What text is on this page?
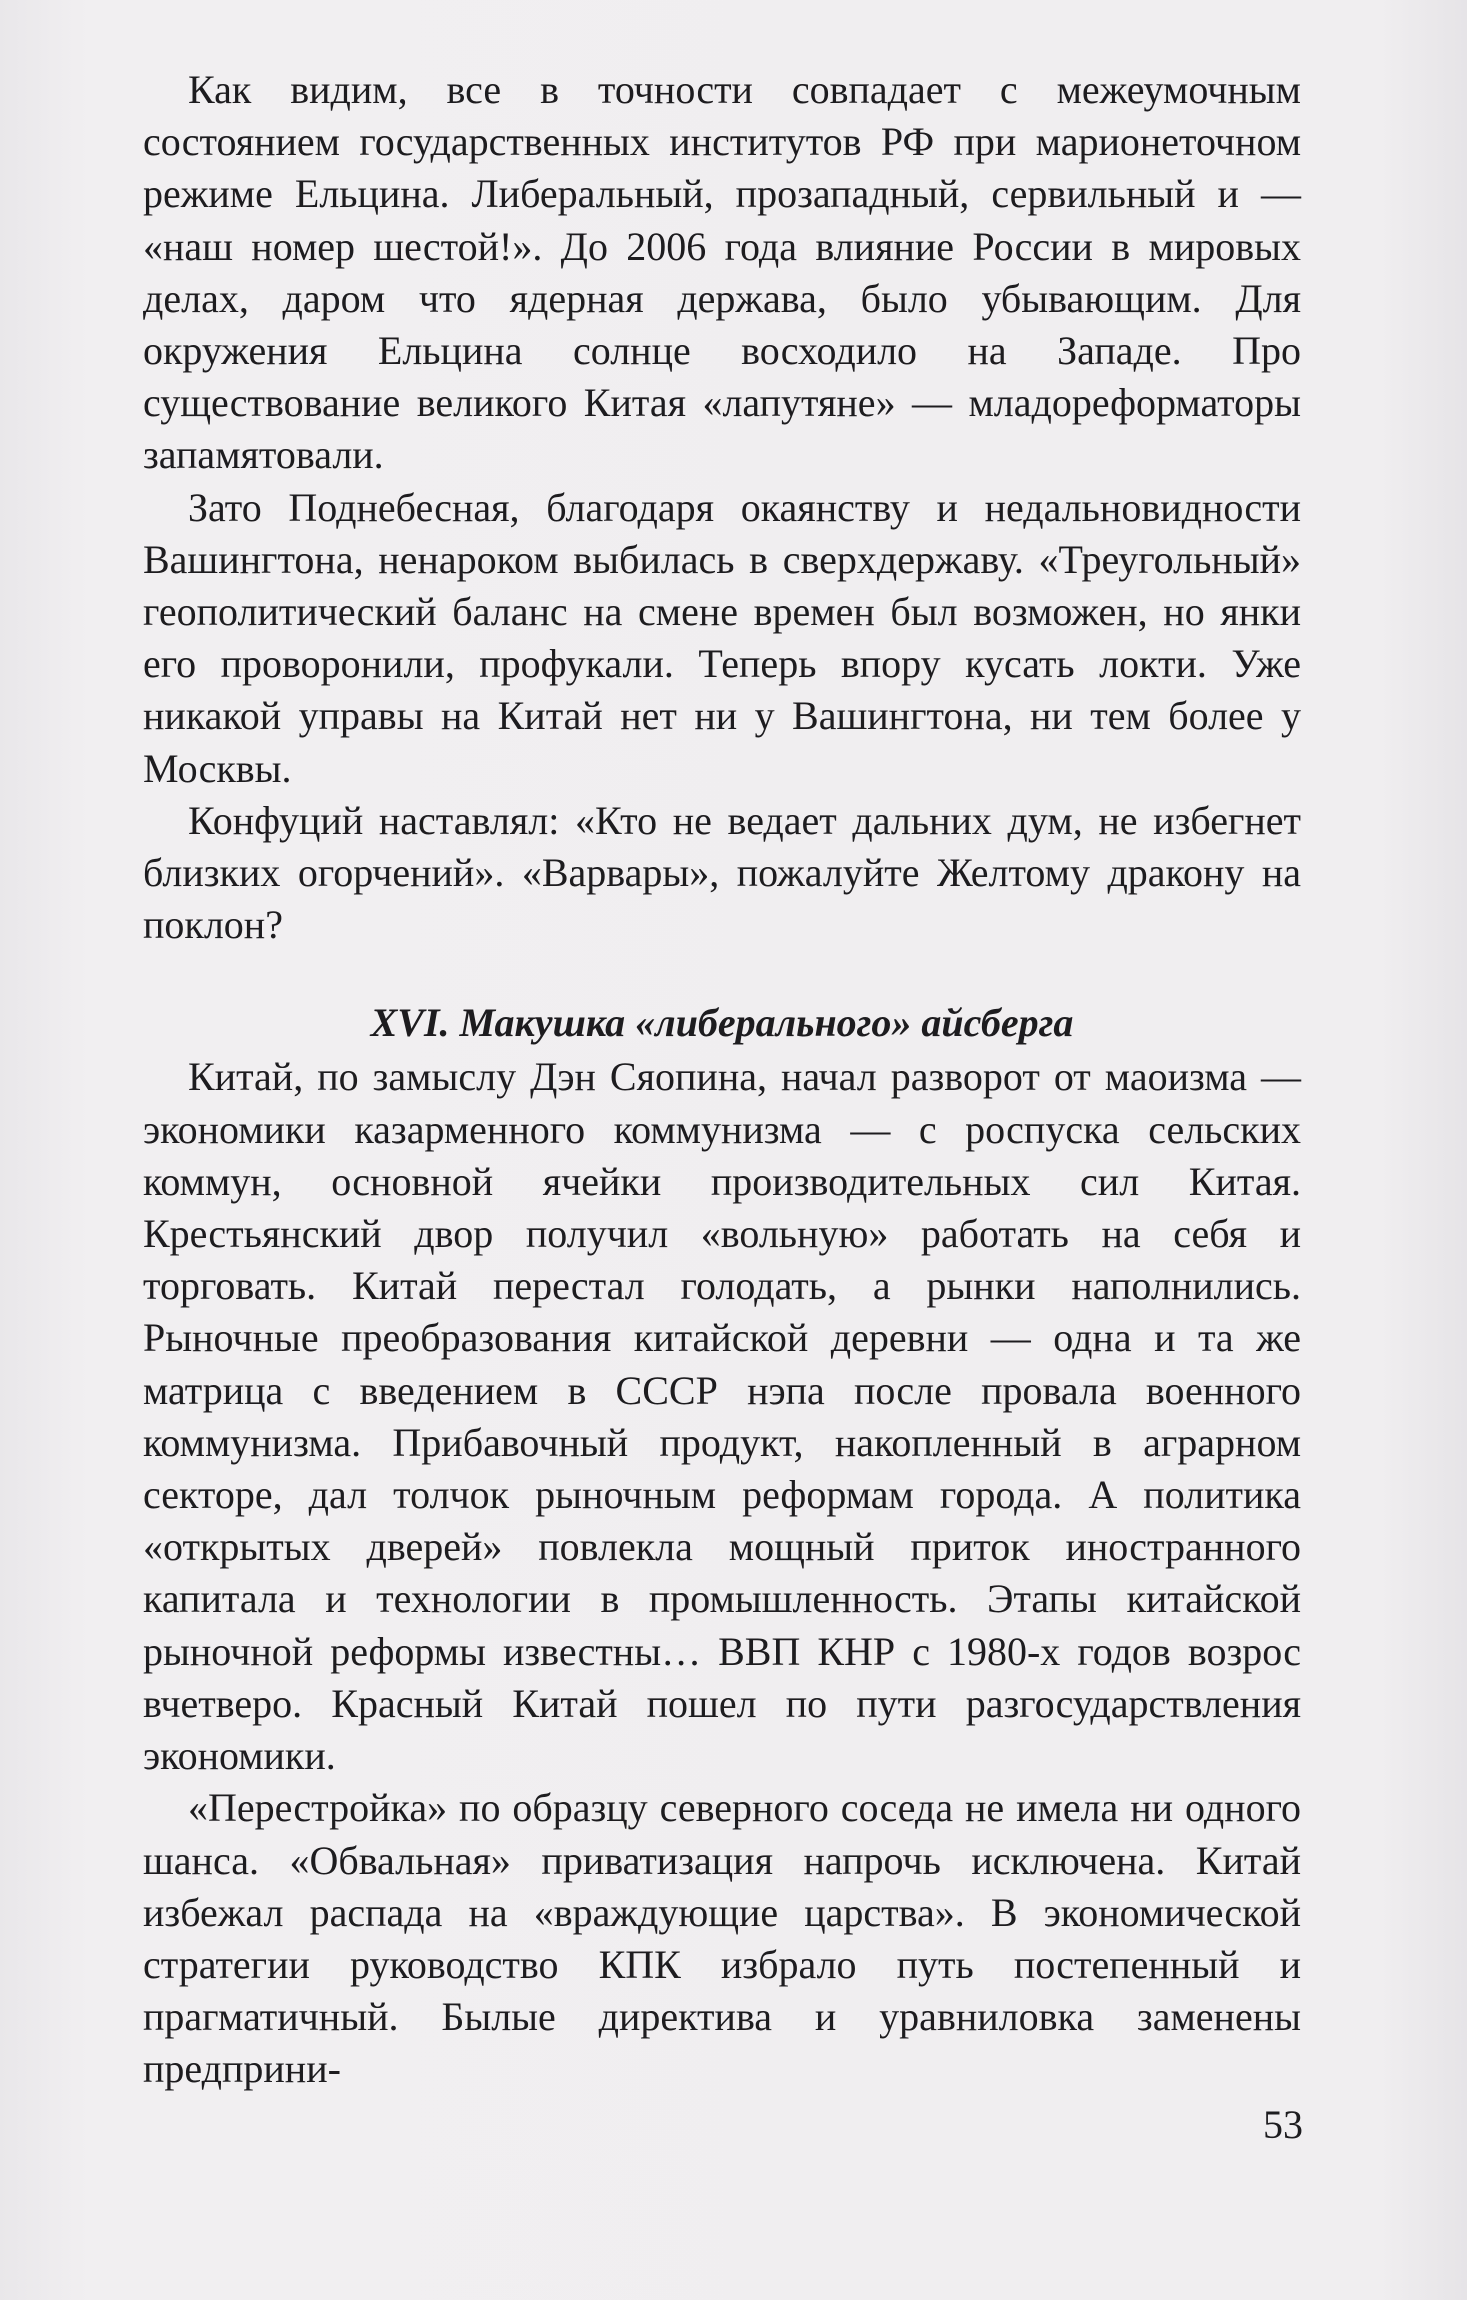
Как видим, все в точности совпадает с межеумочным состоянием государственных институтов РФ при марионеточном режиме Ельцина. Либеральный, прозападный, сервильный и — «наш номер шестой!». До 2006 года влияние России в мировых делах, даром что ядерная держава, было убывающим. Для окружения Ельцина солнце восходило на Западе. Про существование великого Китая «лапутяне» — младореформаторы запамятовали.

Зато Поднебесная, благодаря окаянству и недальновидности Вашингтона, ненароком выбилась в сверхдержаву. «Треугольный» геополитический баланс на смене времен был возможен, но янки его проворонили, профукали. Теперь впору кусать локти. Уже никакой управы на Китай нет ни у Вашингтона, ни тем более у Москвы.

Конфуций наставлял: «Кто не ведает дальних дум, не избегнет близких огорчений». «Варвары», пожалуйте Желтому дракону на поклон?

XVI. Макушка «либерального» айсберга

Китай, по замыслу Дэн Сяопина, начал разворот от маоизма — экономики казарменного коммунизма — с роспуска сельских коммун, основной ячейки производительных сил Китая. Крестьянский двор получил «вольную» работать на себя и торговать. Китай перестал голодать, а рынки наполнились. Рыночные преобразования китайской деревни — одна и та же матрица с введением в СССР нэпа после провала военного коммунизма. Прибавочный продукт, накопленный в аграрном секторе, дал толчок рыночным реформам города. А политика «открытых дверей» повлекла мощный приток иностранного капитала и технологии в промышленность. Этапы китайской рыночной реформы известны… ВВП КНР с 1980-х годов возрос вчетверо. Красный Китай пошел по пути разгосударствления экономики.

«Перестройка» по образцу северного соседа не имела ни одного шанса. «Обвальная» приватизация напрочь исключена. Китай избежал распада на «враждующие царства». В экономической стратегии руководство КПК избрало путь постепенный и прагматичный. Былые директива и уравниловка заменены предприни-

53
